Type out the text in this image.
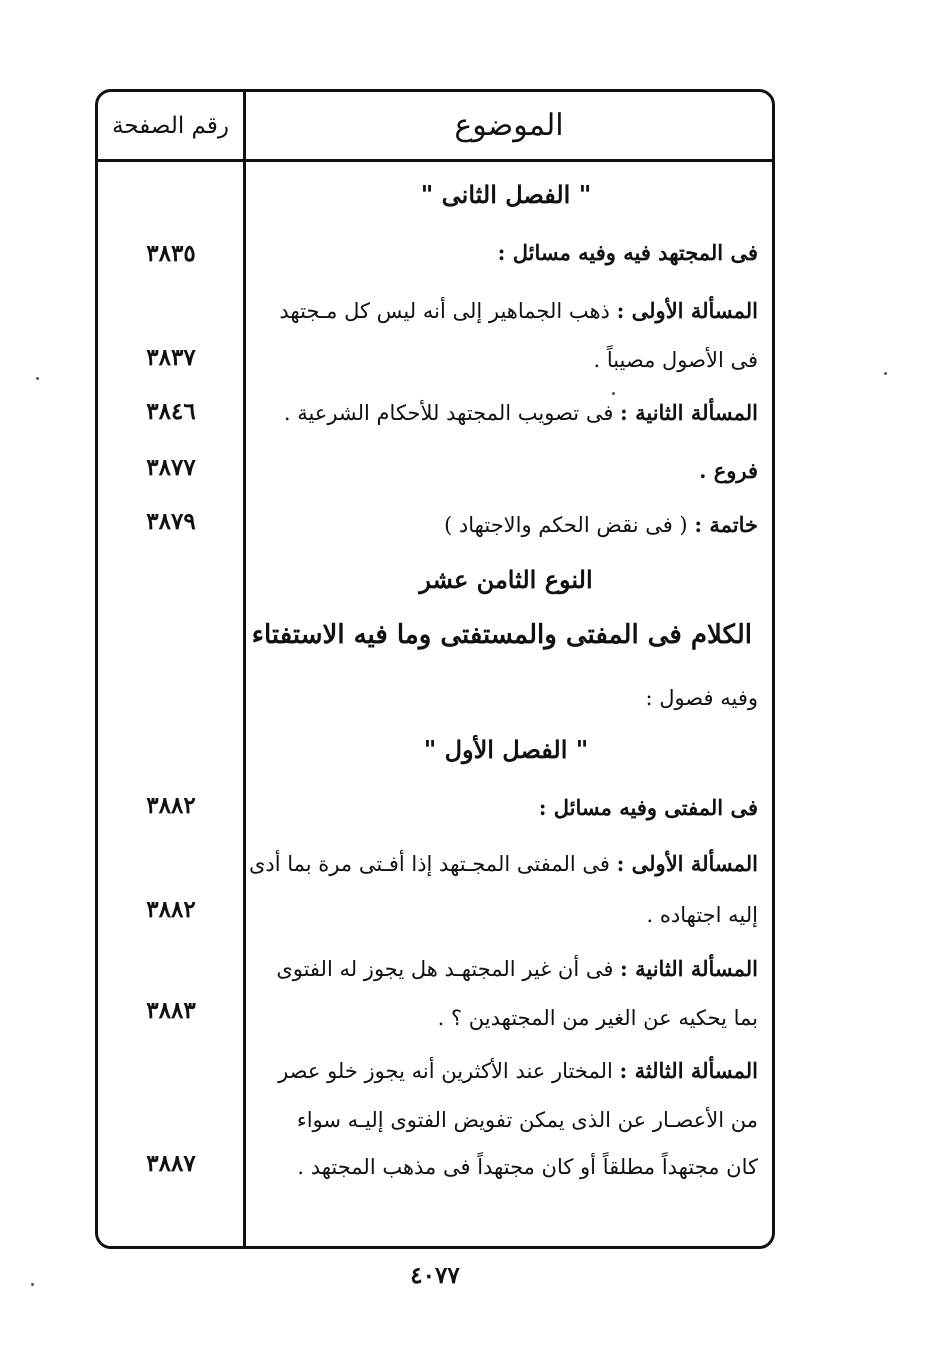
الموضوع
رقم الصفحة
" الفصل الثانى "
فى المجتهد فيه وفيه مسائل :
٣٨٣٥
المسألة الأولى : ذهب الجماهير إلى أنه ليس كل مـجتهد
فى الأصول مصيباً .
٣٨٣٧
المسألة الثانية : فى تصويب المجتهد للأحكام الشرعية .
٣٨٤٦
فروع .
٣٨٧٧
خاتمة : ( فى نقض الحكم والاجتهاد )
٣٨٧٩
النوع الثامن عشر
الكلام فى المفتى والمستفتى وما فيه الاستفتاء
وفيه فصول :
" الفصل الأول "
فى المفتى وفيه مسائل :
٣٨٨٢
المسألة الأولى : فى المفتى المجـتهد إذا أفـتى مرة بما أدى
إليه اجتهاده .
٣٨٨٢
المسألة الثانية : فى أن غير المجتهـد هل يجوز له الفتوى
بما يحكيه عن الغير من المجتهدين ؟ .
٣٨٨٣
المسألة الثالثة : المختار عند الأكثرين أنه يجوز خلو عصر
من الأعصـار عن الذى يمكن تفويض الفتوى إليـه سواء
كان مجتهداً مطلقاً أو كان مجتهداً فى مذهب المجتهد .
٣٨٨٧
٤٠٧٧
